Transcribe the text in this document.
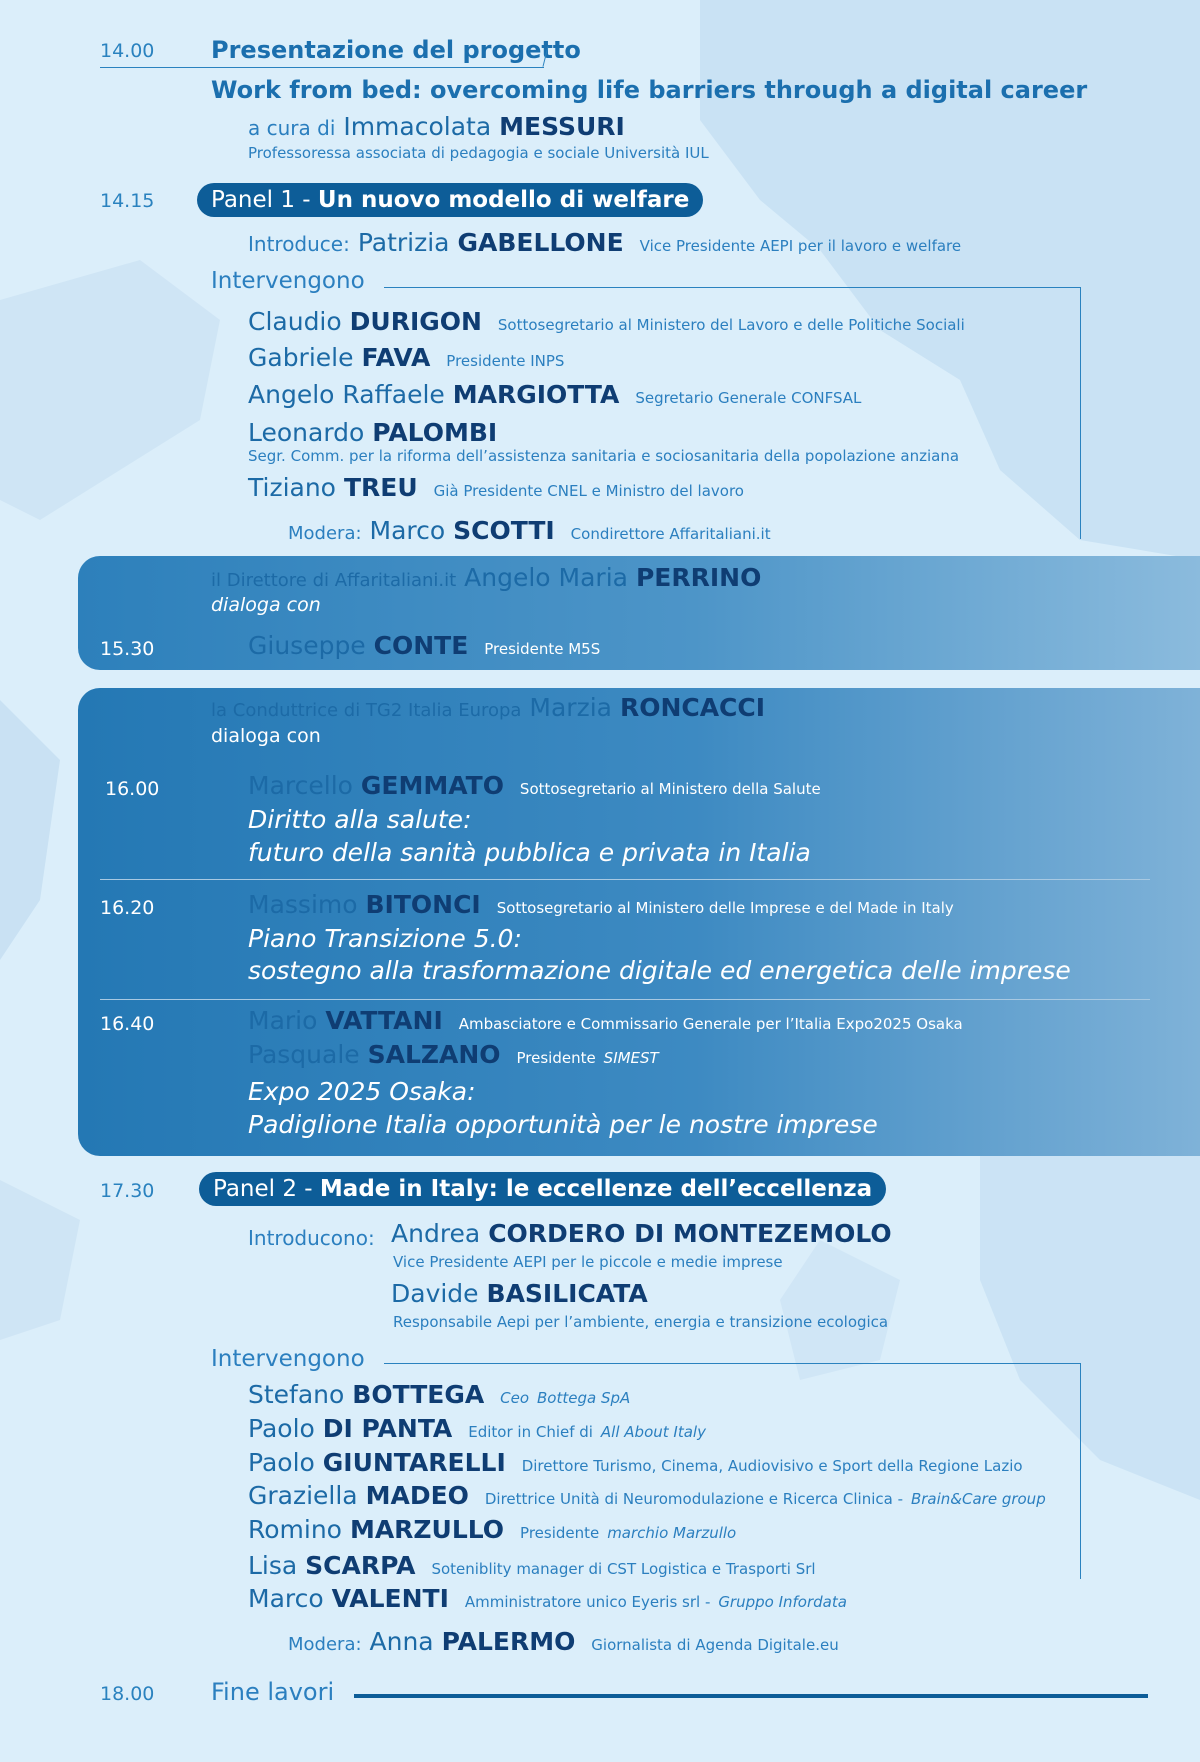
14.00 Presentazione del progetto
Work from bed: overcoming life barriers through a digital career
a cura di Immacolata MESSURI
Professoressa associata di pedagogia e sociale Università IUL
14.15	Panel 1 - Un nuovo modello di welfare
Introduce: Patrizia GABELLONE Vice Presidente AEPI per il lavoro e welfare
Intervengono
Claudio DURIGON Sottosegretario al Ministero del Lavoro e delle Politiche Sociali
Gabriele FAVA Presidente INPS
Angelo Raffaele MARGIOTTA Segretario Generale CONFSAL
Leonardo PALOMBI
Segr. Comm. per la riforma dell’assistenza sanitaria e sociosanitaria della popolazione anziana
Tiziano TREU Già Presidente CNEL e Ministro del lavoro
Modera: Marco SCOTTI Condirettore Affaritaliani.it
il Direttore di Affaritaliani.it Angelo Maria PERRINO
dialoga con
15.30	Giuseppe CONTE Presidente M5S
la Conduttrice di TG2 Italia Europa Marzia RONCACCI
dialoga con
16.00	Marcello GEMMATO Sottosegretario al Ministero della Salute
Diritto alla salute:
futuro della sanità pubblica e privata in Italia
16.20	Massimo BITONCI Sottosegretario al Ministero delle Imprese e del Made in Italy
Piano Transizione 5.0:
sostegno alla trasformazione digitale ed energetica delle imprese
16.40	Mario VATTANI Ambasciatore e Commissario Generale per l’Italia Expo2025 Osaka
Pasquale SALZANO Presidente SIMEST
Expo 2025 Osaka:
Padiglione Italia opportunità per le nostre imprese
17.30	Panel 2 - Made in Italy: le eccellenze dell’eccellenza
Introducono: Andrea CORDERO DI MONTEZEMOLO
Vice Presidente AEPI per le piccole e medie imprese
Davide BASILICATA
Responsabile Aepi per l’ambiente, energia e transizione ecologica
Intervengono
Stefano BOTTEGA Ceo Bottega SpA
Paolo DI PANTA Editor in Chief di All About Italy
Paolo GIUNTARELLI Direttore Turismo, Cinema, Audiovisivo e Sport della Regione Lazio
Graziella MADEO Direttrice Unità di Neuromodulazione e Ricerca Clinica - Brain&Care group
Romino MARZULLO Presidente marchio Marzullo
Lisa SCARPA Soteniblity manager di CST Logistica e Trasporti Srl
Marco VALENTI Amministratore unico Eyeris srl - Gruppo Infordata
Modera: Anna PALERMO Giornalista di Agenda Digitale.eu
18.00 Fine lavori
